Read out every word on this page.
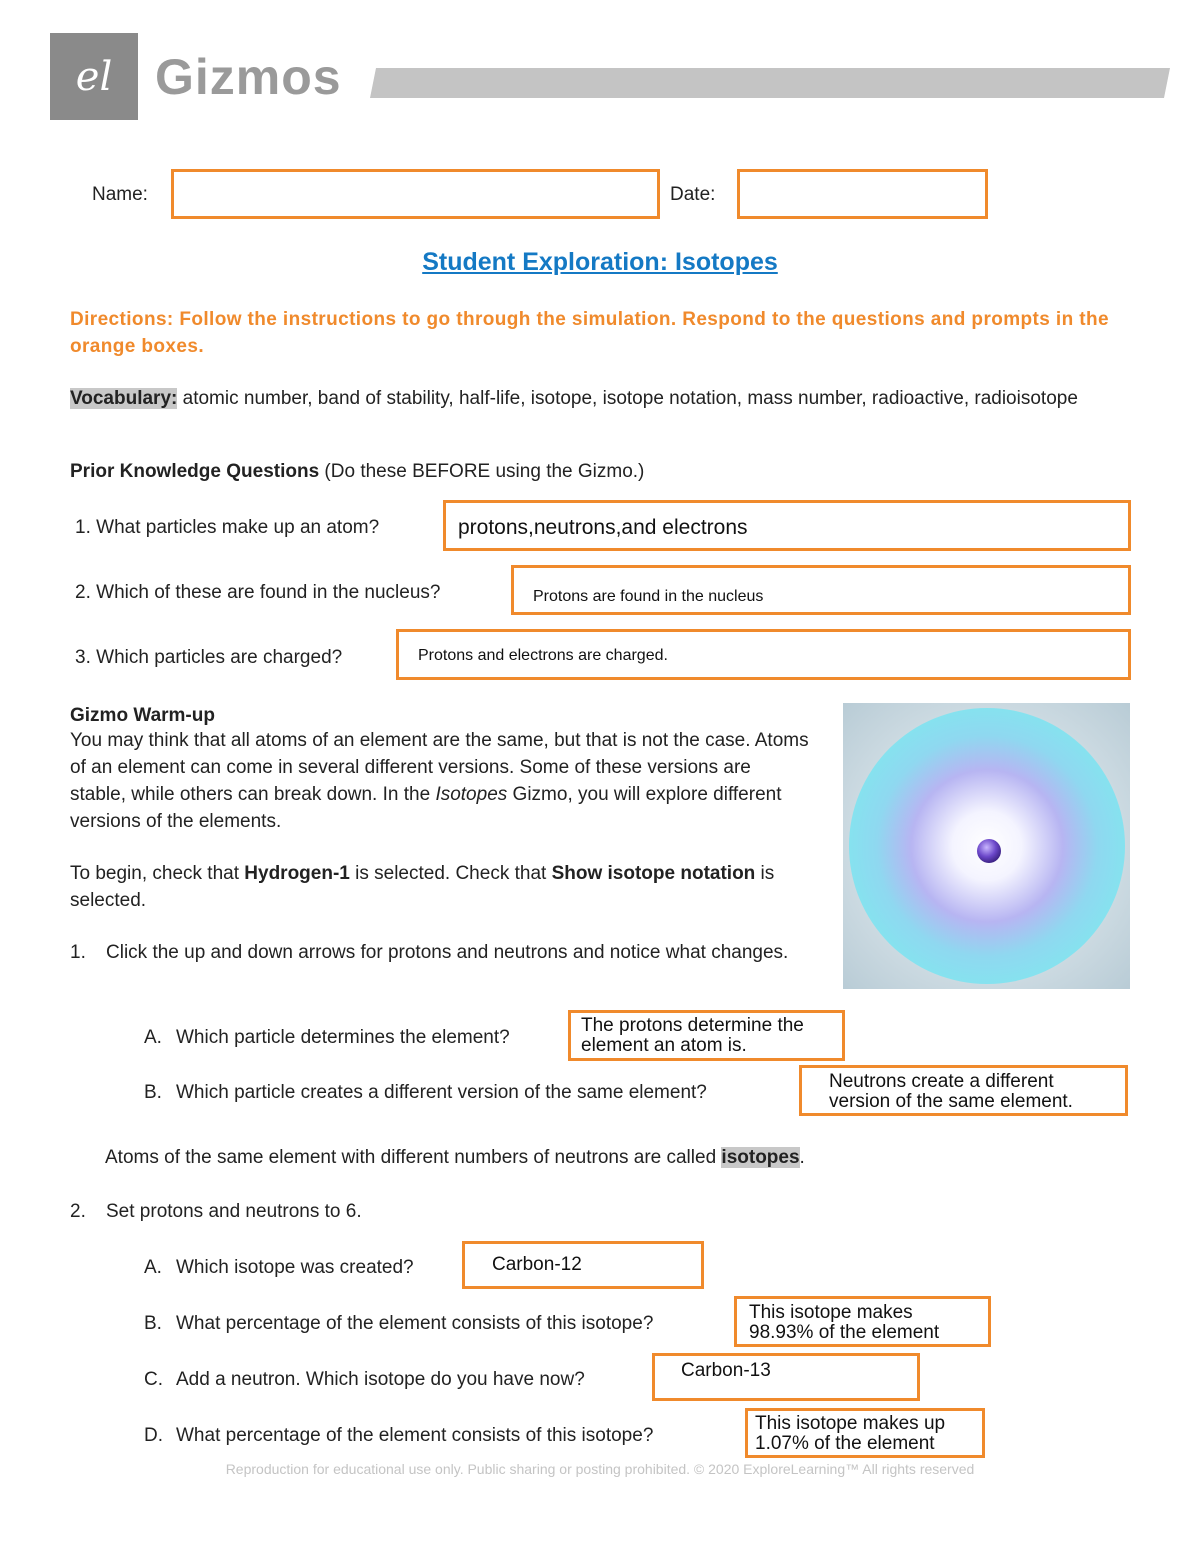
el Gizmos
Name:	Date:
Student Exploration: Isotopes
Directions: Follow the instructions to go through the simulation. Respond to the questions and prompts in the orange boxes.
Vocabulary: atomic number, band of stability, half-life, isotope, isotope notation, mass number, radioactive, radioisotope
Prior Knowledge Questions (Do these BEFORE using the Gizmo.)
1. What particles make up an atom?	protons,neutrons,and electrons
2. Which of these are found in the nucleus?	Protons are found in the nucleus
3. Which particles are charged?	Protons and electrons are charged.
Gizmo Warm-up
You may think that all atoms of an element are the same, but that is not the case. Atoms of an element can come in several different versions. Some of these versions are stable, while others can break down. In the Isotopes Gizmo, you will explore different versions of the elements.
To begin, check that Hydrogen-1 is selected. Check that Show isotope notation is selected.
1. Click the up and down arrows for protons and neutrons and notice what changes.
A. Which particle determines the element?
The protons determine the
element an atom is.
B. Which particle creates a different version of the same element?
Neutrons create a different
version of the same element.
Atoms of the same element with different numbers of neutrons are called isotopes.
2. Set protons and neutrons to 6.
A. Which isotope was created?	Carbon-12
B. What percentage of the element consists of this isotope?
This isotope makes
98.93% of the element
C. Add a neutron. Which isotope do you have now?	Carbon-13
D. What percentage of the element consists of this isotope?
This isotope makes up
1.07% of the element
Reproduction for educational use only. Public sharing or posting prohibited. © 2020 ExploreLearning™ All rights reserved
